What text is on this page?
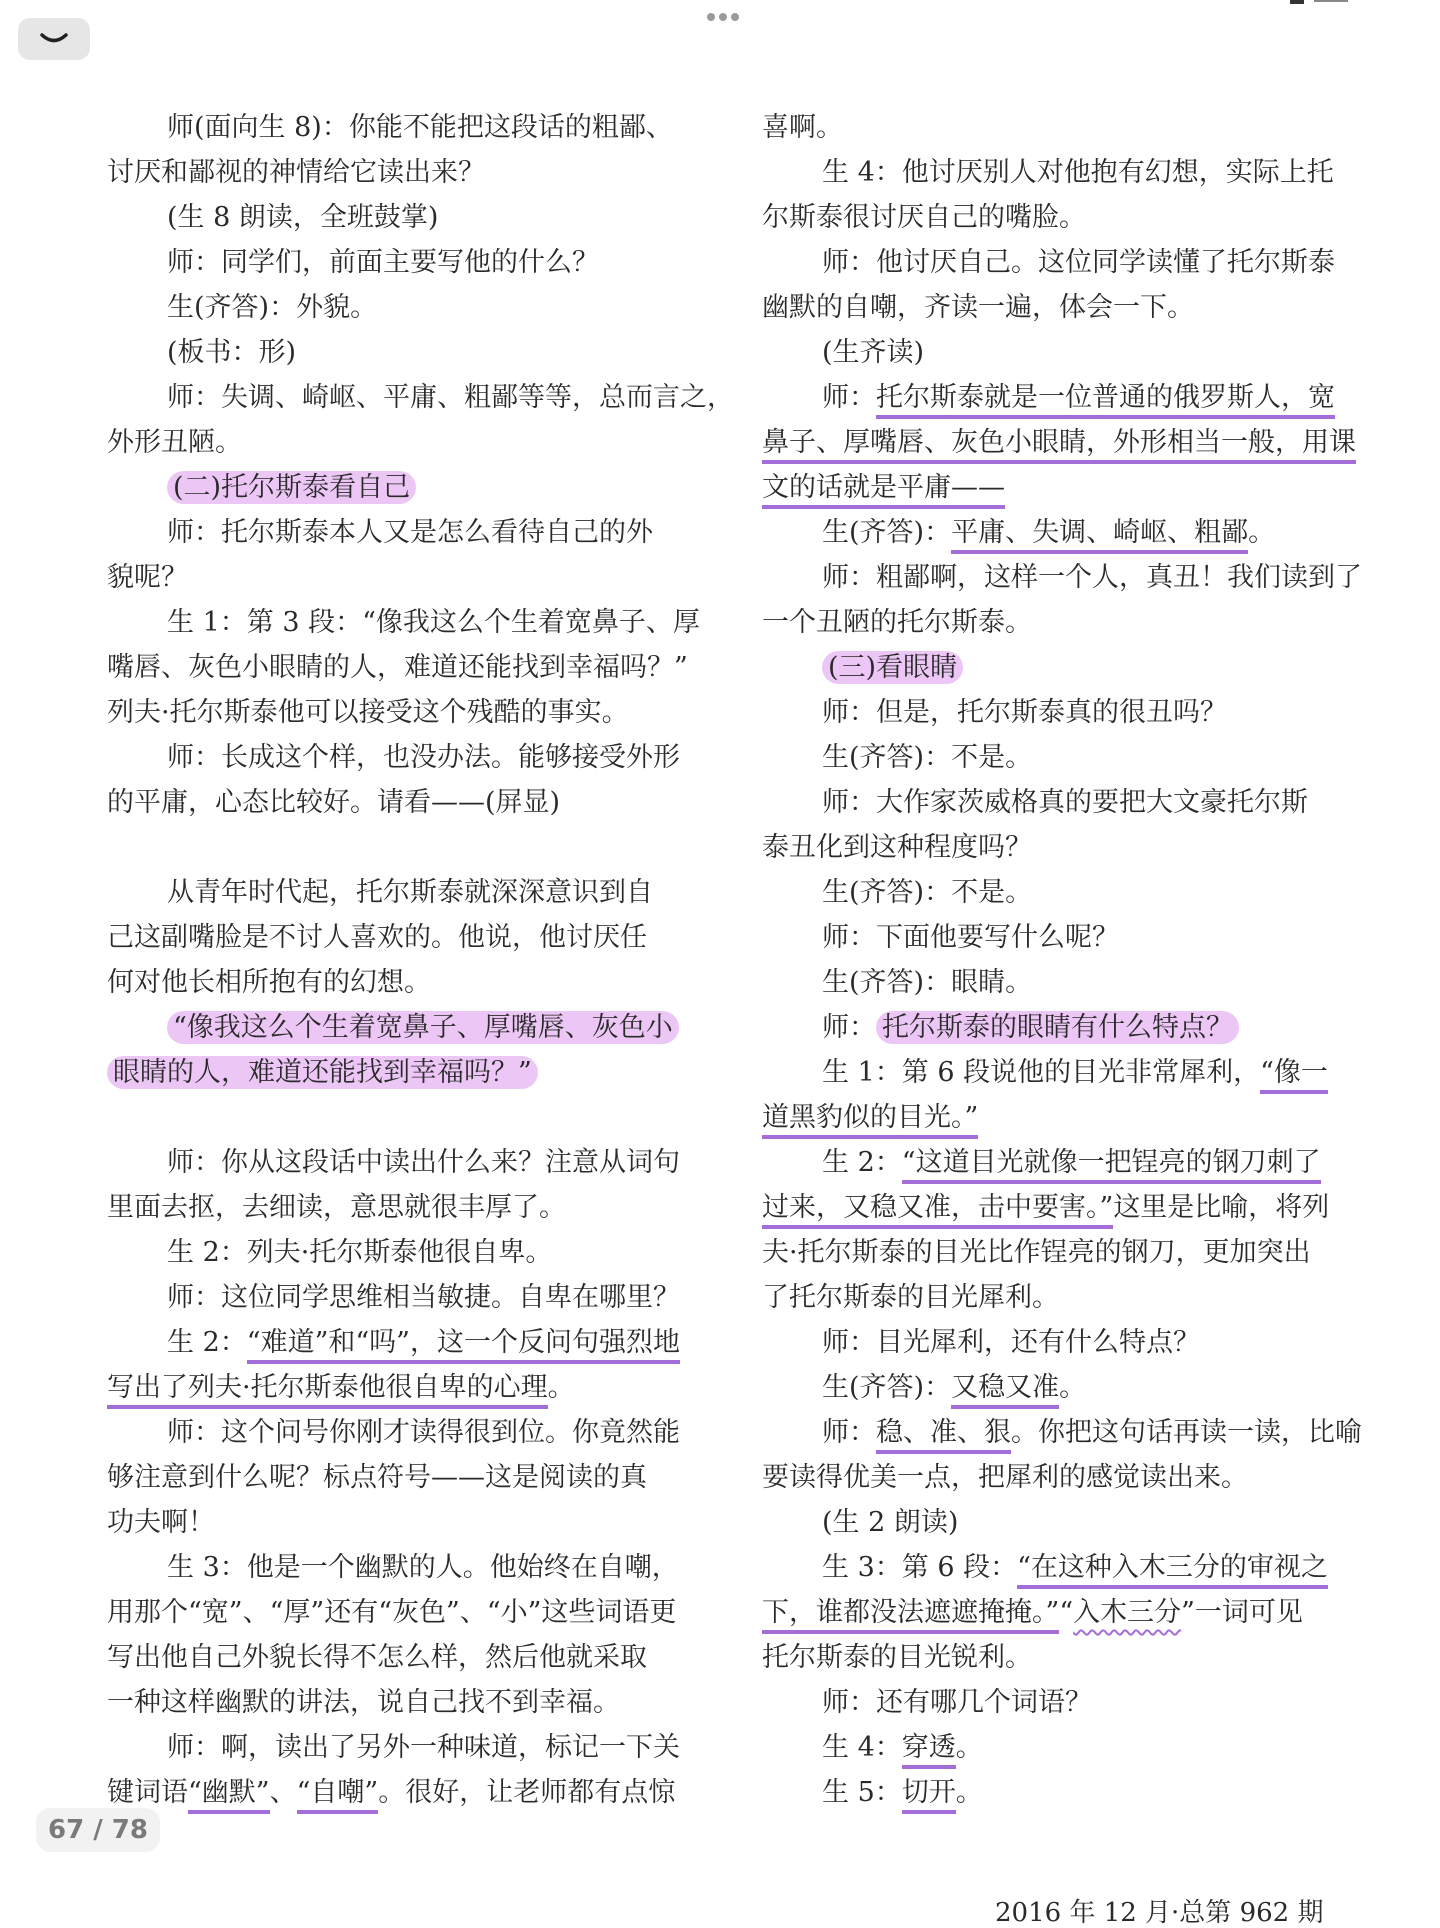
师(面向生 8)：你能不能把这段话的粗鄙、

讨厌和鄙视的神情给它读出来？

(生 8 朗读，全班鼓掌)

师：同学们，前面主要写他的什么？

生(齐答)：外貌。

(板书：形)

师：失调、崎岖、平庸、粗鄙等等，总而言之，

外形丑陋。

(二)托尔斯泰看自己

师：托尔斯泰本人又是怎么看待自己的外

貌呢？

生 1：第 3 段：“像我这么个生着宽鼻子、厚

嘴唇、灰色小眼睛的人，难道还能找到幸福吗？”

列夫·托尔斯泰他可以接受这个残酷的事实。

师：长成这个样，也没办法。能够接受外形

的平庸，心态比较好。请看——(屏显)

从青年时代起，托尔斯泰就深深意识到自

己这副嘴脸是不讨人喜欢的。他说，他讨厌任

何对他长相所抱有的幻想。

“像我这么个生着宽鼻子、厚嘴唇、灰色小

眼睛的人，难道还能找到幸福吗？”

师：你从这段话中读出什么来？注意从词句

里面去抠，去细读，意思就很丰厚了。

生 2：列夫·托尔斯泰他很自卑。

师：这位同学思维相当敏捷。自卑在哪里？

生 2：“难道”和“吗”，这一个反问句强烈地

写出了列夫·托尔斯泰他很自卑的心理。

师：这个问号你刚才读得很到位。你竟然能

够注意到什么呢？标点符号——这是阅读的真

功夫啊！

生 3：他是一个幽默的人。他始终在自嘲，

用那个“宽”、“厚”还有“灰色”、“小”这些词语更

写出他自己外貌长得不怎么样，然后他就采取

一种这样幽默的讲法，说自己找不到幸福。

师：啊，读出了另外一种味道，标记一下关

键词语“幽默”、“自嘲”。很好，让老师都有点惊

喜啊。

生 4：他讨厌别人对他抱有幻想，实际上托

尔斯泰很讨厌自己的嘴脸。

师：他讨厌自己。这位同学读懂了托尔斯泰

幽默的自嘲，齐读一遍，体会一下。

(生齐读)

师：托尔斯泰就是一位普通的俄罗斯人，宽

鼻子、厚嘴唇、灰色小眼睛，外形相当一般，用课

文的话就是平庸——

生(齐答)：平庸、失调、崎岖、粗鄙。

师：粗鄙啊，这样一个人，真丑！我们读到了

一个丑陋的托尔斯泰。

(三)看眼睛

师：但是，托尔斯泰真的很丑吗？

生(齐答)：不是。

师：大作家茨威格真的要把大文豪托尔斯

泰丑化到这种程度吗？

生(齐答)：不是。

师：下面他要写什么呢？

生(齐答)：眼睛。

师： 托尔斯泰的眼睛有什么特点？

生 1：第 6 段说他的目光非常犀利，“像一

道黑豹似的目光。”

生 2：“这道目光就像一把锃亮的钢刀刺了

过来，又稳又准，击中要害。”这里是比喻，将列

夫·托尔斯泰的目光比作锃亮的钢刀，更加突出

了托尔斯泰的目光犀利。

师：目光犀利，还有什么特点？

生(齐答)：又稳又准。

师：稳、准、狠。你把这句话再读一读，比喻

要读得优美一点，把犀利的感觉读出来。

(生 2 朗读)

生 3：第 6 段：“在这种入木三分的审视之

下，谁都没法遮遮掩掩。”“入木三分”一词可见

托尔斯泰的目光锐利。

师：还有哪几个词语？

生 4：穿透。

生 5：切开。

67 / 78
2016 年 12 月·总第 962 期
